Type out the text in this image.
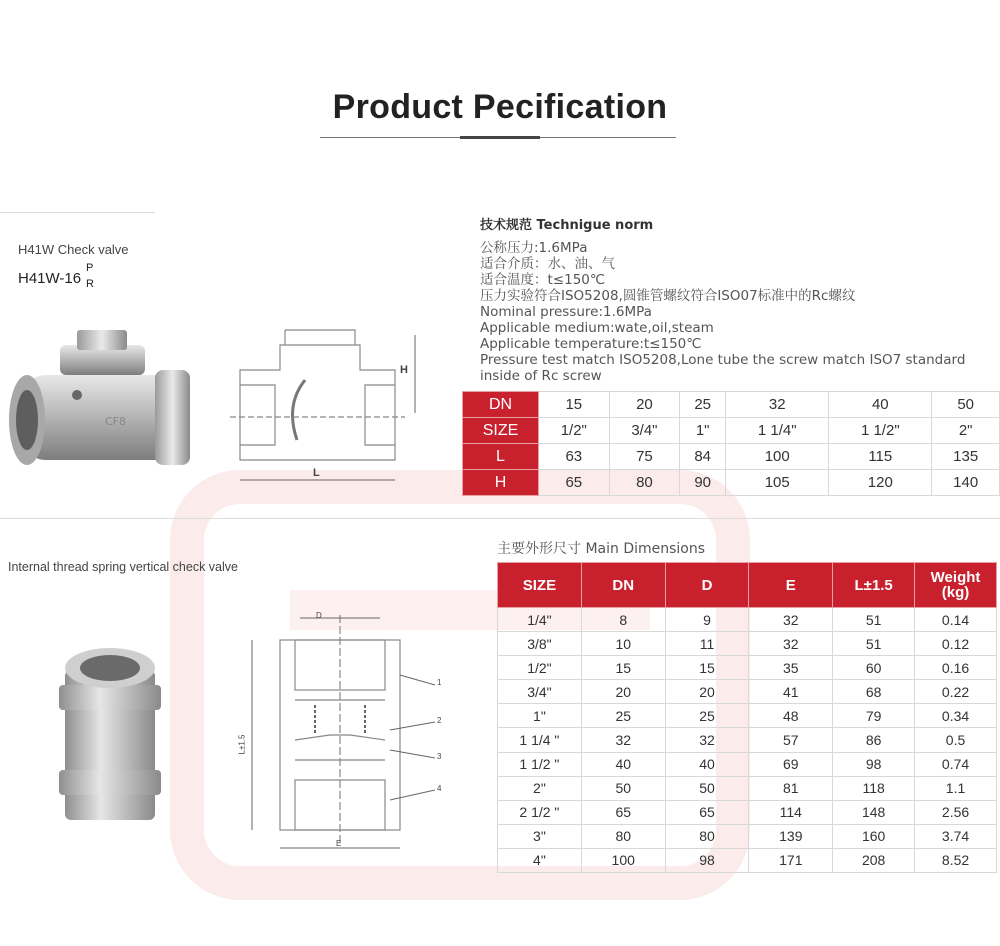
Product Pecification
H41W Check valve
H41W-16
P
R
CF8
H
L
技术规范 Technigue norm
公称压力:1.6MPa
适合介质：水、油、气
适合温度：t≤150℃
压力实验符合ISO5208,圆锥管螺纹符合ISO07标准中的Rc螺纹
Nominal pressure:1.6MPa
Applicable medium:wate,oil,steam
Applicable temperature:t≤150℃
Pressure test match ISO5208,Lone tube the screw match ISO7 standard
inside of Rc screw
DN	15	20	25	32	40	50
SIZE	1/2"	3/4"	1"	1 1/4"	1 1/2"	2"
L	63	75	84	100	115	135
H	65	80	90	105	120	140
Internal thread spring vertical check valve
D
E
L±1.5
1
2
3
4
主要外形尺寸 Main Dimensions
SIZE	DN	D	E	L±1.5	Weight (kg)
1/4"	8	9	32	51	0.14
3/8"	10	11	32	51	0.12
1/2"	15	15	35	60	0.16
3/4"	20	20	41	68	0.22
1"	25	25	48	79	0.34
1 1/4 "	32	32	57	86	0.5
1 1/2 "	40	40	69	98	0.74
2"	50	50	81	118	1.1
2 1/2 "	65	65	114	148	2.56
3"	80	80	139	160	3.74
4"	100	98	171	208	8.52
